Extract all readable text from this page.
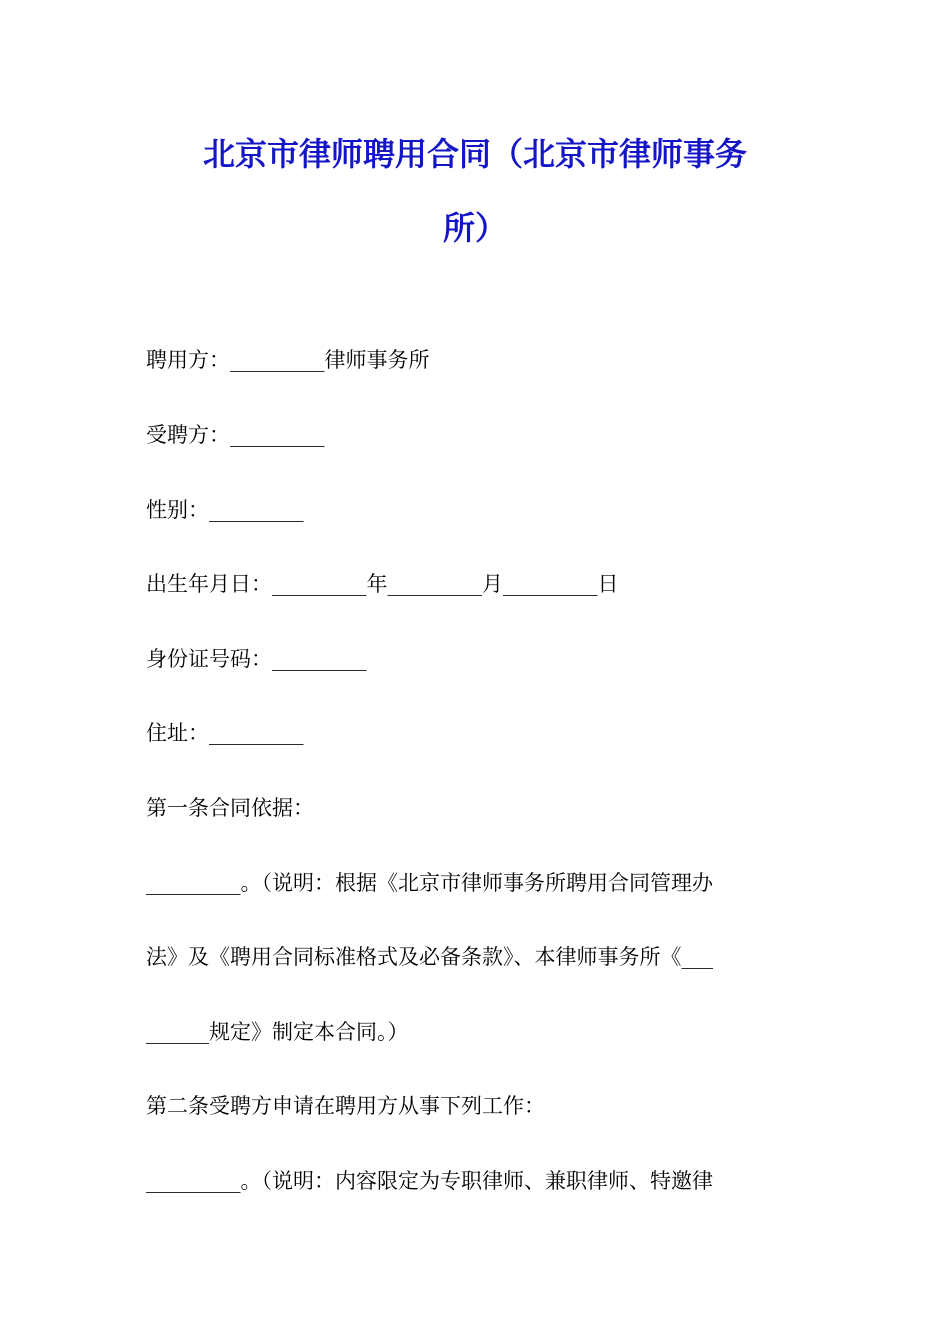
北京市律师聘用合同（北京市律师事务
所）

聘用方：_________律师事务所

受聘方：_________

性别：_________

出生年月日：_________年_________月_________日

身份证号码：_________

住址：_________

第一条合同依据：

_________。（说明：根据《北京市律师事务所聘用合同管理办

法》及《聘用合同标准格式及必备条款》、本律师事务所《___

______规定》制定本合同。）

第二条受聘方申请在聘用方从事下列工作：

_________。（说明：内容限定为专职律师、兼职律师、特邀律
